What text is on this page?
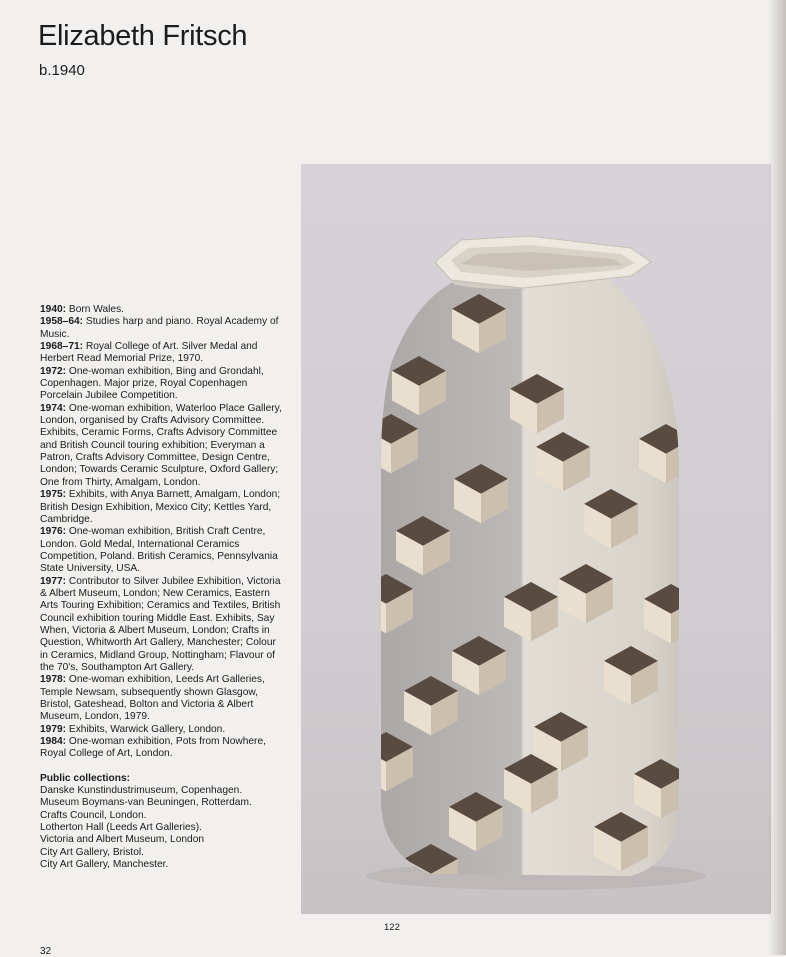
Elizabeth Fritsch

b.1940

1940: Born Wales.

1958–64: Studies harp and piano. Royal Academy of Music.

1968–71: Royal College of Art. Silver Medal and Herbert Read Memorial Prize, 1970.

1972: One-woman exhibition, Bing and Grondahl, Copenhagen. Major prize, Royal Copenhagen Porcelain Jubilee Competition.

1974: One-woman exhibition, Waterloo Place Gallery, London, organised by Crafts Advisory Committee. Exhibits, Ceramic Forms, Crafts Advisory Committee and British Council touring exhibition; Everyman a Patron, Crafts Advisory Committee, Design Centre, London; Towards Ceramic Sculpture, Oxford Gallery; One from Thirty, Amalgam, London.

1975: Exhibits, with Anya Barnett, Amalgam, London; British Design Exhibition, Mexico City; Kettles Yard, Cambridge.

1976: One-woman exhibition, British Craft Centre, London. Gold Medal, International Ceramics Competition, Poland. British Ceramics, Pennsylvania State University, USA.

1977: Contributor to Silver Jubilee Exhibition, Victoria & Albert Museum, London; New Ceramics, Eastern Arts Touring Exhibition; Ceramics and Textiles, British Council exhibition touring Middle East. Exhibits, Say When, Victoria & Albert Museum, London; Crafts in Question, Whitworth Art Gallery, Manchester; Colour in Ceramics, Midland Group, Nottingham; Flavour of the 70's, Southampton Art Gallery.

1978: One-woman exhibition, Leeds Art Galleries, Temple Newsam, subsequently shown Glasgow, Bristol, Gateshead, Bolton and Victoria & Albert Museum, London, 1979.

1979: Exhibits, Warwick Gallery, London.

1984: One-woman exhibition, Pots from Nowhere, Royal College of Art, London.

Public collections:
Danske Kunstindustrimuseum, Copenhagen.
Museum Boymans-van Beuningen, Rotterdam.
Crafts Council, London.
Lotherton Hall (Leeds Art Galleries).
Victoria and Albert Museum, London
City Art Gallery, Bristol.
City Art Gallery, Manchester.
122
32
